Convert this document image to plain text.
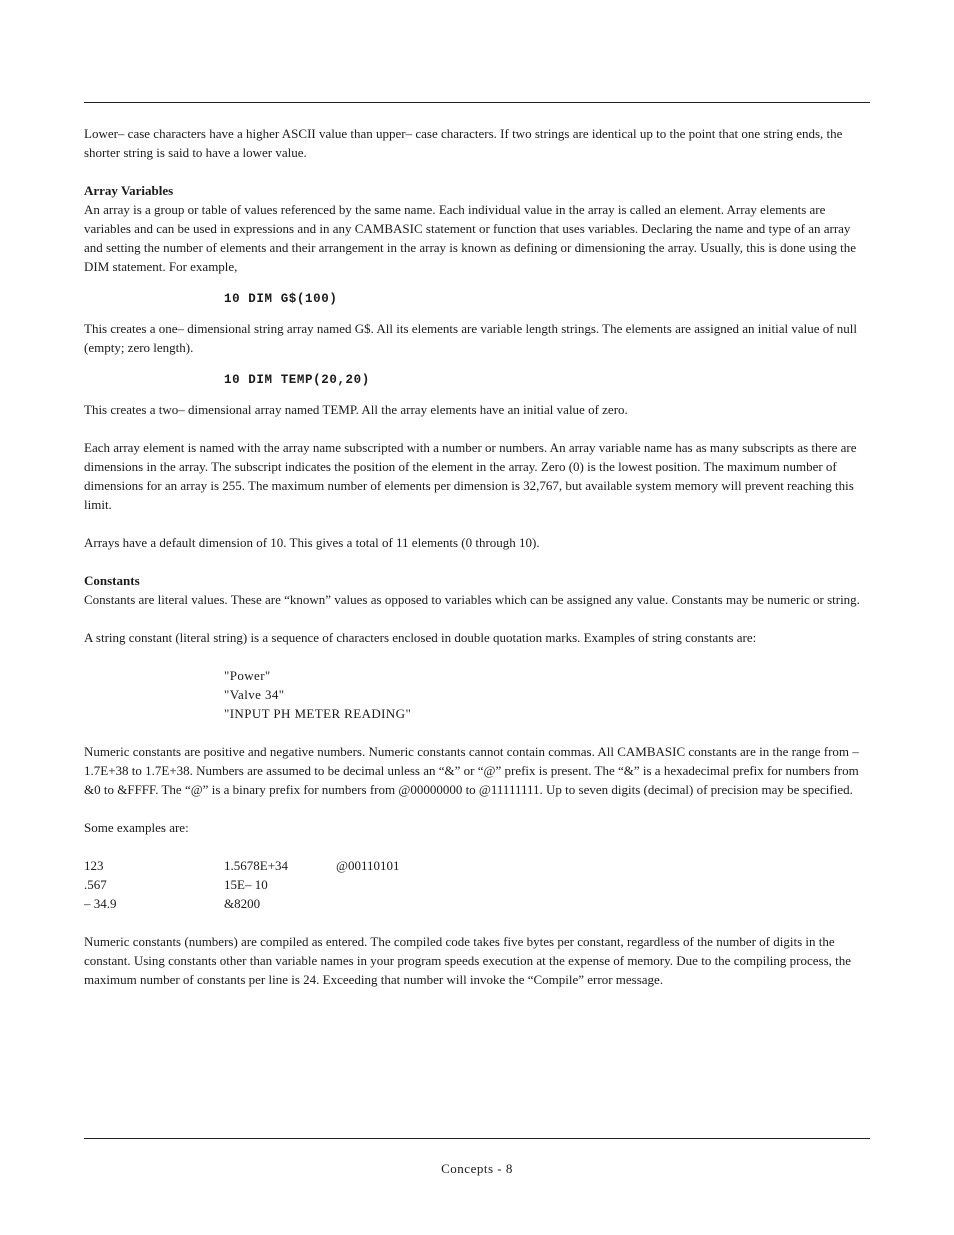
Lower– case characters have a higher ASCII value than upper– case characters. If two strings are identical up to the point that one string ends, the shorter string is said to have a lower value.

Array Variables

An array is a group or table of values referenced by the same name. Each individual value in the array is called an element. Array elements are variables and can be used in expressions and in any CAMBASIC statement or function that uses variables. Declaring the name and type of an array and setting the number of elements and their arrangement in the array is known as defining or dimensioning the array. Usually, this is done using the DIM statement. For example,

10 DIM G$(100)

This creates a one– dimensional string array named G$. All its elements are variable length strings. The elements are assigned an initial value of null (empty; zero length).

10 DIM TEMP(20,20)

This creates a two– dimensional array named TEMP. All the array elements have an initial value of zero.

Each array element is named with the array name subscripted with a number or numbers. An array variable name has as many subscripts as there are dimensions in the array. The subscript indicates the position of the element in the array. Zero (0) is the lowest position. The maximum number of dimensions for an array is 255. The maximum number of elements per dimension is 32,767, but available system memory will prevent reaching this limit.

Arrays have a default dimension of 10. This gives a total of 11 elements (0 through 10).

Constants

Constants are literal values. These are “known” values as opposed to variables which can be assigned any value. Constants may be numeric or string.

A string constant (literal string) is a sequence of characters enclosed in double quotation marks. Examples of string constants are:

"Power"
"Valve 34"
"INPUT PH METER READING"

Numeric constants are positive and negative numbers. Numeric constants cannot contain commas. All CAMBASIC constants are in the range from – 1.7E+38 to 1.7E+38. Numbers are assumed to be decimal unless an “&” or “@” prefix is present. The “&” is a hexadecimal prefix for numbers from &0 to &FFFF. The “@” is a binary prefix for numbers from @00000000 to @11111111. Up to seven digits (decimal) of precision may be specified.

Some examples are:

123	1.5678E+34	@00110101
.567	15E– 10	
– 34.9	&8200	

Numeric constants (numbers) are compiled as entered. The compiled code takes five bytes per constant, regardless of the number of digits in the constant. Using constants other than variable names in your program speeds execution at the expense of memory. Due to the compiling process, the maximum number of constants per line is 24. Exceeding that number will invoke the “Compile” error message.

Concepts - 8
